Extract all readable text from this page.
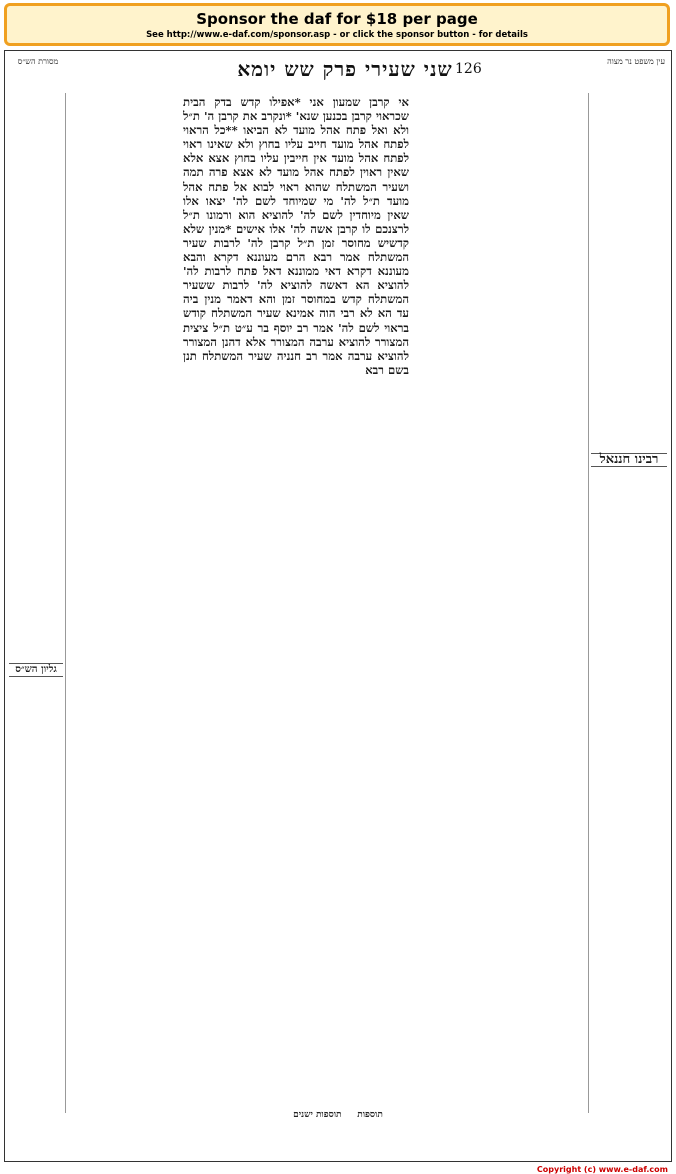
Sponsor the daf for $18 per page
See http://www.e-daf.com/sponsor.asp - or click the sponsor button - for details
עין משפט נר מצוה
126
שני שעירי פרק שש יומא
מסורת הש״ס
רבינו חננאל
אי קרבן שמעון אני *אפילו קדש בדק הבית שכראוי קרבן בכנען שנא' *ונקרב את קרבן ה' ת״ל ולא ואל פתח אהל מועד לא הביאו **כל הראוי לפתח אהל מועד חייב עליו בחוץ ולא שאינו ראוי לפתח אהל מועד אין חייבין עליו בחוץ אצא אלא שאין ראוין לפתח אהל מועד לא אצא פרה תמה ושעיר המשתלח שהוא ראוי לבוא אל פתח אהל מועד ת״ל לה' מי שמיוחד לשם לה' יצאו אלו שאין מיוחדין לשם לה' להוציא הוא ורמונו ת״ל לרצנכם לו קרבן אשה לה' אלו אישים *מנין שלא קדשיש מחוסר זמן ת״ל קרבן לה' לרבות שעיר המשתלח אמר רבא הרם מעוננא דקרא והבא מעוננא דקרא דאי ממוננא דאל פתח לרבות לה' להוציא הא דאשה להוציא לה' לרבות ששעיר המשתלח קדש במחוסר זמן והא דאמר מנין ביה עד הא לא רבי הוה אמינא שעיר המשתלח קודש בראוי לשם לה' אמר רב יוסף בר ע״ט ת״ל ציצית המצורר להוציא ערבה המצורר אלא דהנן המצורר להוציא ערבה אמר רב חנניה שעיר המשתלח תנן בשם רבא
גליון הש״ס
תוספות     תוספות ישנים
Copyright (c) www.e-daf.com
